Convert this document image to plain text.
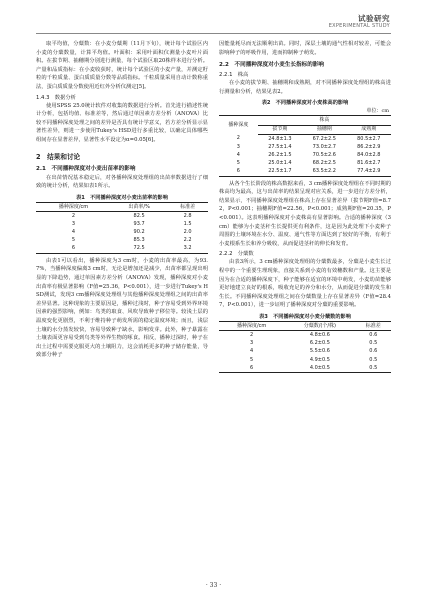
试验研究
EXPERIMENTAL STUDY

取平均值，分蘖数：在小麦分蘖期（11月下旬），统计每个试验区内小麦的分蘖数量，计算平均值。叶面积：采用叶面积仪测量小麦叶片面积。在拔节期、抽穗期分别进行测量，每个试验区取20株样本进行分析。产量和品质指标：在小麦收获时，统计每个试验区的小麦产量，并测定籽粒的千粒质量、蛋白质质量分数等品质指标。千粒质量采用自动计数称重法，蛋白质质量分数使用近红外分析仪测定[5]。

1.4.3　数据分析

使用SPSS 25.0统计软件对收集的数据进行分析。首先进行描述性统计分析，包括均值、标准差等，然后通过单因素方差分析（ANOVA）比较不同播种深度处理之间的差异是否具有统计学意义，若方差分析显示显著性差异，则进一步使用Tukey's HSD进行多重比较，以确定具体哪些组间存在显著差异，显著性水平设定为α=0.05[6]。

2　结果和讨论
2.1　不同播种深度对小麦出苗率的影响

在出苗情况基本稳定后，对各播种深度处理组的出苗率数据进行了细致的统计分析，结果如表1所示。

表1　不同播种深度对小麦出苗率的影响
播种深度/cm	出苗率/%	标准差
2	82.5	2.8
3	93.7	1.5
4	90.2	2.0
5	85.3	2.2
6	72.5	3.2

由表1可以看出，播种深度为3 cm时，小麦的出苗率最高，为93.7%，当播种深度偏离3 cm时，无论是增加还是减少，出苗率都呈现出明显的下降趋势，通过单因素方差分析（ANOVA）发现，播种深度对小麦出苗率有极显著影响（F值=25.36，P<0.001），进一步进行Tukey's HSD测试，发现3 cm播种深度处理组与其他播种深度处理组之间的出苗率差异显著。这种现象的主要原因是，播种过浅时，种子容易受到外界环境因素的强烈影响，例如：鸟类的取食、风吹导致种子移位等。较浅土层的温度变化更剧烈，不利于维持种子萌发所需的稳定温度环境；而且，浅层土壤的水分蒸发较快，容易导致种子缺水，影响发芽。此外，种子暴露在土壤表面更容易受到鸟类等外界生物的啄食。相反，播种过深时，种子在出土过程中需要克服更大的土壤阻力，这会消耗更多的种子储存能量，导致部分种子

因能量耗尽而无法顺利出苗。同时，深层土壤的通气性相对较差，可能会影响种子的呼吸作用，进而抑制种子萌发。

2.2　不同播种深度对小麦生长指标的影响
2.2.1　株高

在小麦的拔节期、抽穗期和成熟期，对不同播种深度处理组的株高进行测量和分析，结果见表2。

表2　不同播种深度对小麦株高的影响
单位：cm
播种深度	株高		
	拔节期	抽穗期	成熟期
2	24.8±1.3	67.2±2.5	80.5±2.7
3	27.5±1.4	73.0±2.7	86.2±2.9
4	26.2±1.5	70.5±2.6	84.0±2.8
5	25.0±1.4	68.2±2.5	81.6±2.7
6	22.5±1.7	63.5±2.2	77.4±2.9

从各个生长阶段的株高数据来看，3 cm播种深度处理组在不同时期的株高均为最高，这与出苗率的结果呈现对应关系，进一步进行方差分析，结果显示，不同播种深度处理组在株高上存在显著差异（拔节期F值=8.72，P<0.001；抽穗期F值=22.56，P<0.001；成熟期F值=20.35，P<0.001）。这表明播种深度对小麦株高有显著影响。合适的播种深度（3 cm）能够为小麦茎秆生长提供更有利条件，这是因为此处理下小麦种子周围的土壤环境在水分、温度、通气性等方面达到了较好的平衡，有利于小麦根系生长和养分吸收，从而促进茎秆的伸长和发育。

2.2.2　分蘖数

由表3所示，3 cm播种深度处理组的分蘖数最多，分蘖是小麦生长过程中的一个重要生理现象，直接关系到小麦的有效穗数和产量。这主要是因为在合适的播种深度下，种子能够在适宜的环境中萌发，小麦幼苗能够更好地建立良好的根系，吸收充足的养分和水分，从而促进分蘖的发生和生长。不同播种深度处理组之间在分蘖数量上存在显著差异（F值=28.47，P<0.001），进一步证明了播种深度对分蘖的重要影响。

表3　不同播种深度对小麦分蘖数的影响
播种深度/cm	分蘖数/(个/株)	标准差
2	4.8±0.6	0.6
3	6.2±0.5	0.5
4	5.5±0.6	0.6
5	4.9±0.5	0.5
6	4.0±0.5	0.5
· 33 ·
